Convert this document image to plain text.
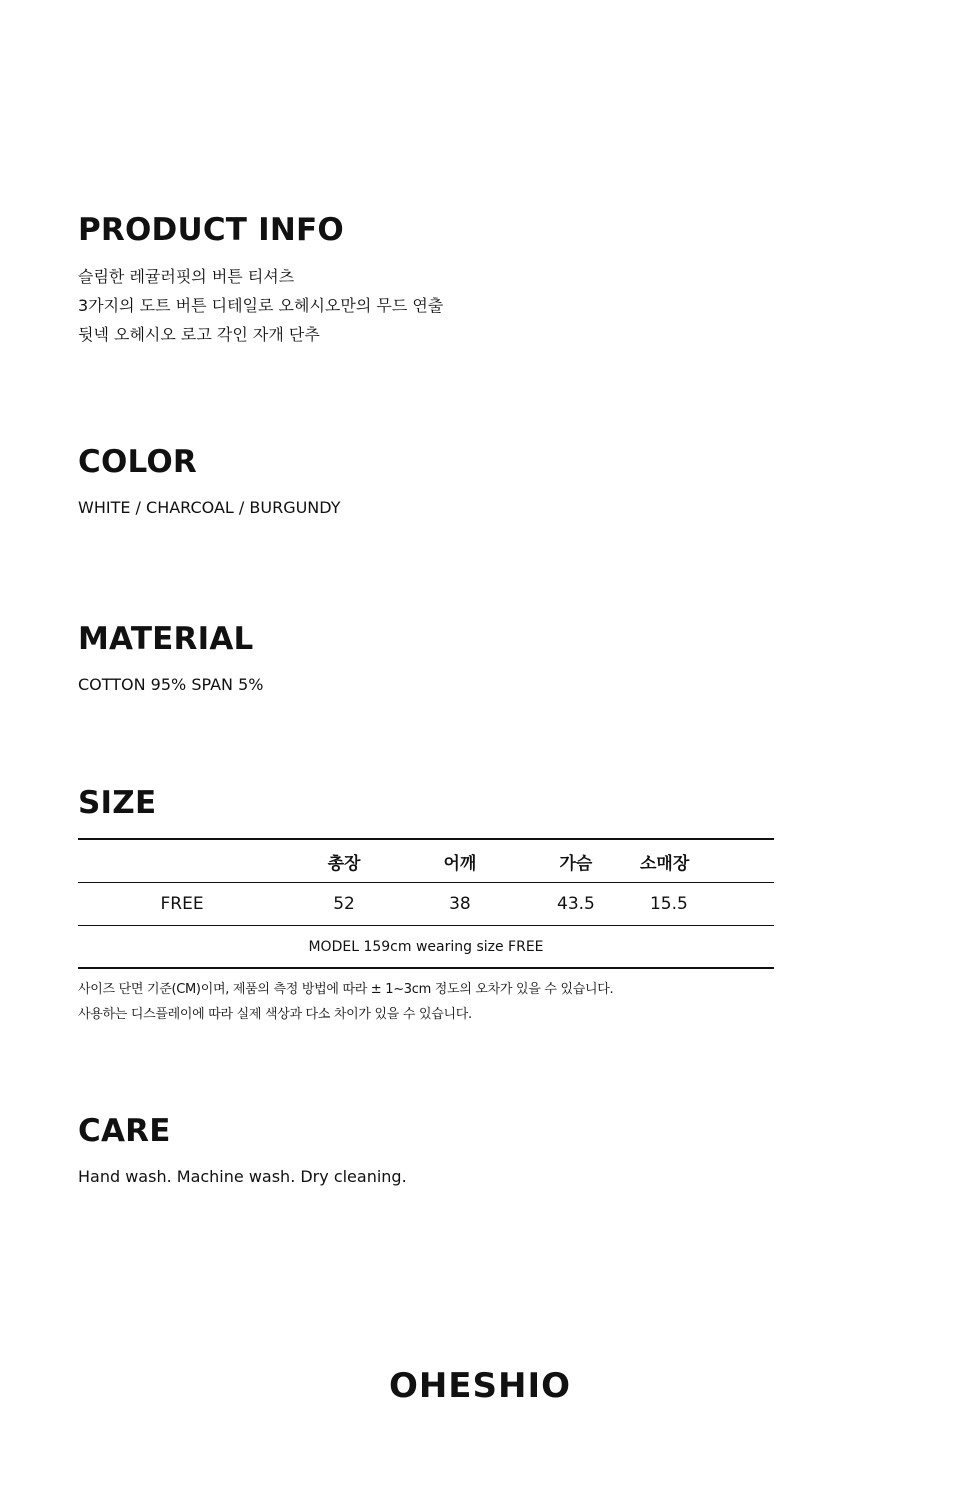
PRODUCT INFO
슬림한 레귤러핏의 버튼 티셔츠
3가지의 도트 버튼 디테일로 오헤시오만의 무드 연출
뒷넥 오헤시오 로고 각인 자개 단추
COLOR
WHITE / CHARCOAL / BURGUNDY
MATERIAL
COTTON 95% SPAN 5%
SIZE
	총장	어깨	가슴	소매장
FREE	52	38	43.5	15.5
MODEL 159cm wearing size FREE				
사이즈 단면 기준(CM)이며, 제품의 측정 방법에 따라 ± 1~3cm 정도의 오차가 있을 수 있습니다.
사용하는 디스플레이에 따라 실제 색상과 다소 차이가 있을 수 있습니다.
CARE
Hand wash. Machine wash. Dry cleaning.
OHESHIO
